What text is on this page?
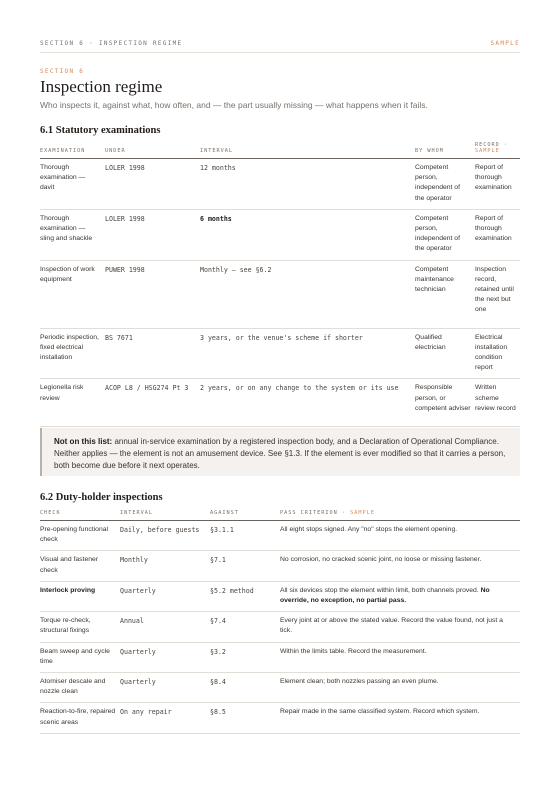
SECTION 6 · INSPECTION REGIME	SAMPLE
SECTION 6
Inspection regime

Who inspects it, against what, how often, and — the part usually missing — what happens when it fails.

6.1 Statutory examinations
EXAMINATION	UNDER	INTERVAL	BY WHOM	RECORD ·
SAMPLE
Thorough examination — davit	LOLER 1998	12 months	Competent person, independent of the operator	Report of thorough examination
Thorough examination — sling and shackle	LOLER 1998	6 months	Competent person, independent of the operator	Report of thorough examination
Inspection of work equipment	PUWER 1998	Monthly — see §6.2	Competent maintenance technician	Inspection record, retained until the next but one
Periodic inspection, fixed electrical installation	BS 7671	3 years, or the venue's scheme if shorter	Qualified electrician	Electrical installation condition report
Legionella risk review	ACOP L8 / HSG274 Pt 3	2 years, or on any change to the system or its use	Responsible person, or competent adviser	Written scheme review record
Not on this list: annual in-service examination by a registered inspection body, and a Declaration of Operational Compliance. Neither applies — the element is not an amusement device. See §1.3. If the element is ever modified so that it carries a person, both become due before it next operates.
6.2 Duty-holder inspections
CHECK	INTERVAL	AGAINST	PASS CRITERION · SAMPLE
Pre-opening functional check	Daily, before guests	§3.1.1	All eight stops signed. Any "no" stops the element opening.
Visual and fastener check	Monthly	§7.1	No corrosion, no cracked scenic joint, no loose or missing fastener.
Interlock proving	Quarterly	§5.2 method	All six devices stop the element within limit, both channels proved. No override, no exception, no partial pass.
Torque re-check, structural fixings	Annual	§7.4	Every joint at or above the stated value. Record the value found, not just a tick.
Beam sweep and cycle time	Quarterly	§3.2	Within the limits table. Record the measurement.
Atomiser descale and nozzle clean	Quarterly	§8.4	Element clean; both nozzles passing an even plume.
Reaction-to-fire, repaired scenic areas	On any repair	§8.5	Repair made in the same classified system. Record which system.
